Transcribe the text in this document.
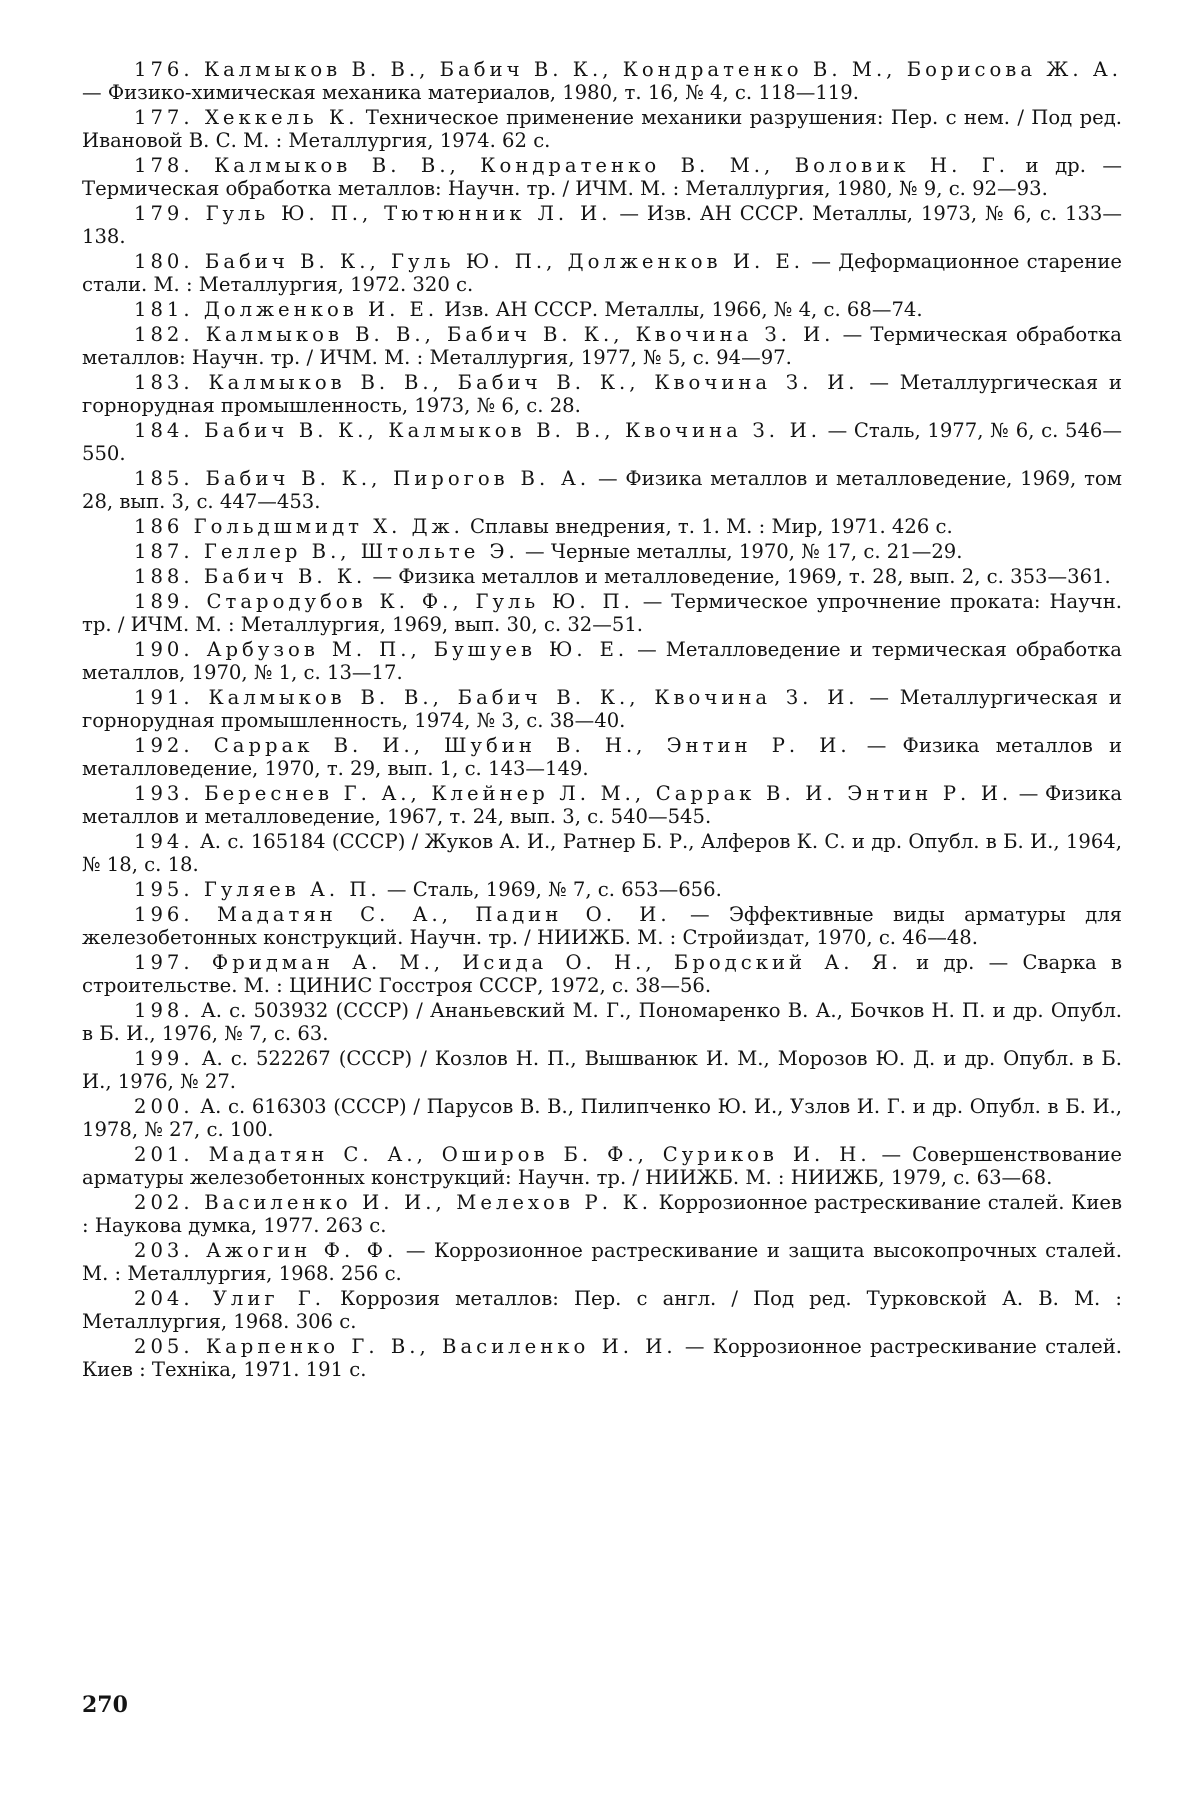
176. Калмыков В. В., Бабич В. К., Кондратенко В. М., Борисова Ж. А. — Физико-химическая механика материалов, 1980, т. 16, № 4, с. 118—119.

177. Хеккель К. Техническое применение механики разрушения: Пер. с нем. / Под ред. Ивановой В. С. М. : Металлургия, 1974. 62 с.

178. Калмыков В. В., Кондратенко В. М., Воловик Н. Г. и др. — Термическая обработка металлов: Научн. тр. / ИЧМ. М. : Металлургия, 1980, № 9, с. 92—93.

179. Гуль Ю. П., Тютюнник Л. И. — Изв. АН СССР. Металлы, 1973, № 6, с. 133—138.

180. Бабич В. К., Гуль Ю. П., Долженков И. Е. — Деформационное старение стали. М. : Металлургия, 1972. 320 с.

181. Долженков И. Е. Изв. АН СССР. Металлы, 1966, № 4, с. 68—74.

182. Калмыков В. В., Бабич В. К., Квочина З. И. — Термическая обработка металлов: Научн. тр. / ИЧМ. М. : Металлургия, 1977, № 5, с. 94—97.

183. Калмыков В. В., Бабич В. К., Квочина З. И. — Металлургическая и горнорудная промышленность, 1973, № 6, с. 28.

184. Бабич В. К., Калмыков В. В., Квочина З. И. — Сталь, 1977, № 6, с. 546—550.

185. Бабич В. К., Пирогов В. А. — Физика металлов и металловедение, 1969, том 28, вып. 3, с. 447—453.

186 Гольдшмидт Х. Дж. Сплавы внедрения, т. 1. М. : Мир, 1971. 426 с.

187. Геллер В., Штольте Э. — Черные металлы, 1970, № 17, с. 21—29.

188. Бабич В. К. — Физика металлов и металловедение, 1969, т. 28, вып. 2, с. 353—361.

189. Стародубов К. Ф., Гуль Ю. П. — Термическое упрочнение проката: Научн. тр. / ИЧМ. М. : Металлургия, 1969, вып. 30, с. 32—51.

190. Арбузов М. П., Бушуев Ю. Е. — Металловедение и термическая обработка металлов, 1970, № 1, с. 13—17.

191. Калмыков В. В., Бабич В. К., Квочина З. И. — Металлургическая и горнорудная промышленность, 1974, № 3, с. 38—40.

192. Саррак В. И., Шубин В. Н., Энтин Р. И. — Физика металлов и металловедение, 1970, т. 29, вып. 1, с. 143—149.

193. Береснев Г. А., Клейнер Л. М., Саррак В. И. Энтин Р. И. — Физика металлов и металловедение, 1967, т. 24, вып. 3, с. 540—545.

194. А. с. 165184 (СССР) / Жуков А. И., Ратнер Б. Р., Алферов К. С. и др. Опубл. в Б. И., 1964, № 18, с. 18.

195. Гуляев А. П. — Сталь, 1969, № 7, с. 653—656.

196. Мадатян С. А., Падин О. И. — Эффективные виды арматуры для железобетонных конструкций. Научн. тр. / НИИЖБ. М. : Стройиздат, 1970, с. 46—48.

197. Фридман А. М., Исида О. Н., Бродский А. Я. и др. — Сварка в строительстве. М. : ЦИНИС Госстроя СССР, 1972, с. 38—56.

198. А. с. 503932 (СССР) / Ананьевский М. Г., Пономаренко В. А., Бочков Н. П. и др. Опубл. в Б. И., 1976, № 7, с. 63.

199. А. с. 522267 (СССР) / Козлов Н. П., Вышванюк И. М., Морозов Ю. Д. и др. Опубл. в Б. И., 1976, № 27.

200. А. с. 616303 (СССР) / Парусов В. В., Пилипченко Ю. И., Узлов И. Г. и др. Опубл. в Б. И., 1978, № 27, с. 100.

201. Мадатян С. А., Оширов Б. Ф., Суриков И. Н. — Совершенствование арматуры железобетонных конструкций: Научн. тр. / НИИЖБ. М. : НИИЖБ, 1979, с. 63—68.

202. Василенко И. И., Мелехов Р. К. Коррозионное растрескивание сталей. Киев : Наукова думка, 1977. 263 с.

203. Ажогин Ф. Ф. — Коррозионное растрескивание и защита высокопрочных сталей. М. : Металлургия, 1968. 256 с.

204. Улиг Г. Коррозия металлов: Пер. с англ. / Под ред. Турковской А. В. М. : Металлургия, 1968. 306 с.

205. Карпенко Г. В., Василенко И. И. — Коррозионное растрескивание сталей. Киев : Техніка, 1971. 191 с.

270
